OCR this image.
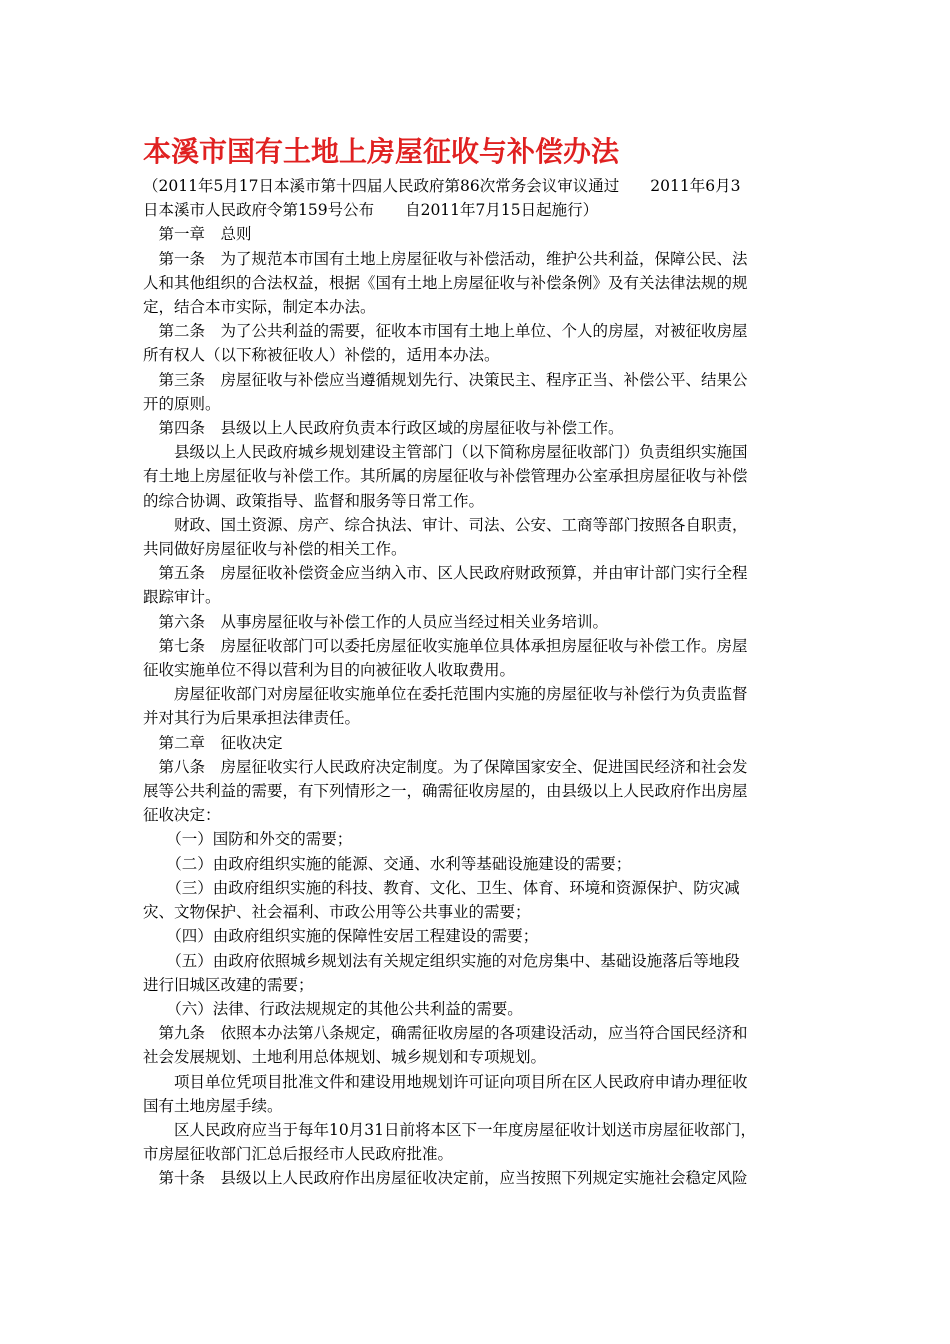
本溪市国有土地上房屋征收与补偿办法

（2011年5月17日本溪市第十四届人民政府第86次常务会议审议通过　　2011年6月3

日本溪市人民政府令第159号公布　　自2011年7月15日起施行）

　第一章　总则

　第一条　为了规范本市国有土地上房屋征收与补偿活动，维护公共利益，保障公民、法

人和其他组织的合法权益，根据《国有土地上房屋征收与补偿条例》及有关法律法规的规

定，结合本市实际，制定本办法。

　第二条　为了公共利益的需要，征收本市国有土地上单位、个人的房屋，对被征收房屋

所有权人（以下称被征收人）补偿的，适用本办法。

　第三条　房屋征收与补偿应当遵循规划先行、决策民主、程序正当、补偿公平、结果公

开的原则。

　第四条　县级以上人民政府负责本行政区域的房屋征收与补偿工作。

　　县级以上人民政府城乡规划建设主管部门（以下简称房屋征收部门）负责组织实施国

有土地上房屋征收与补偿工作。其所属的房屋征收与补偿管理办公室承担房屋征收与补偿

的综合协调、政策指导、监督和服务等日常工作。

　　财政、国土资源、房产、综合执法、审计、司法、公安、工商等部门按照各自职责，

共同做好房屋征收与补偿的相关工作。

　第五条　房屋征收补偿资金应当纳入市、区人民政府财政预算，并由审计部门实行全程

跟踪审计。

　第六条　从事房屋征收与补偿工作的人员应当经过相关业务培训。

　第七条　房屋征收部门可以委托房屋征收实施单位具体承担房屋征收与补偿工作。房屋

征收实施单位不得以营利为目的向被征收人收取费用。

　　房屋征收部门对房屋征收实施单位在委托范围内实施的房屋征收与补偿行为负责监督

并对其行为后果承担法律责任。

　第二章　征收决定

　第八条　房屋征收实行人民政府决定制度。为了保障国家安全、促进国民经济和社会发

展等公共利益的需要，有下列情形之一，确需征收房屋的，由县级以上人民政府作出房屋

征收决定：

　　（一）国防和外交的需要；

　　（二）由政府组织实施的能源、交通、水利等基础设施建设的需要；

　　（三）由政府组织实施的科技、教育、文化、卫生、体育、环境和资源保护、防灾减

灾、文物保护、社会福利、市政公用等公共事业的需要；

　　（四）由政府组织实施的保障性安居工程建设的需要；

　　（五）由政府依照城乡规划法有关规定组织实施的对危房集中、基础设施落后等地段

进行旧城区改建的需要；

　　（六）法律、行政法规规定的其他公共利益的需要。

　第九条　依照本办法第八条规定，确需征收房屋的各项建设活动，应当符合国民经济和

社会发展规划、土地利用总体规划、城乡规划和专项规划。

　　项目单位凭项目批准文件和建设用地规划许可证向项目所在区人民政府申请办理征收

国有土地房屋手续。

　　区人民政府应当于每年10月31日前将本区下一年度房屋征收计划送市房屋征收部门，

市房屋征收部门汇总后报经市人民政府批准。

　第十条　县级以上人民政府作出房屋征收决定前，应当按照下列规定实施社会稳定风险
